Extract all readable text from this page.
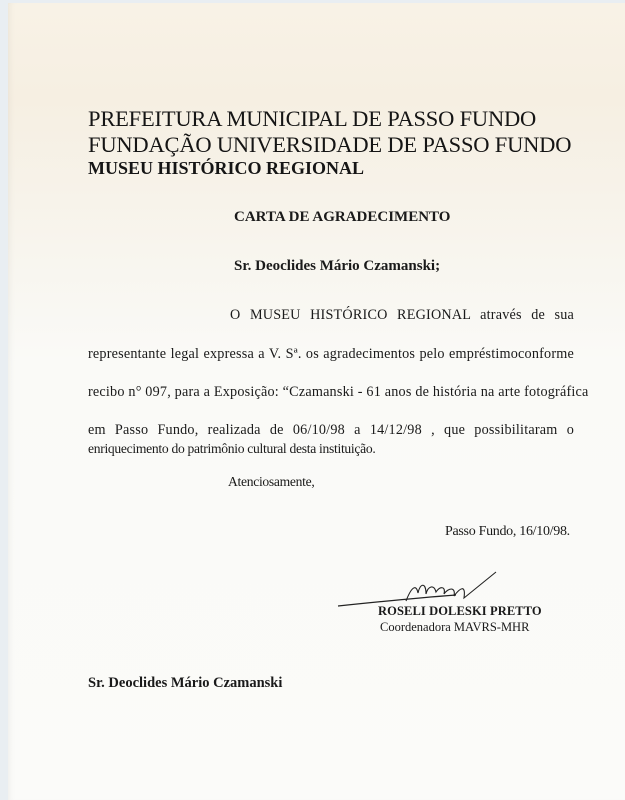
PREFEITURA MUNICIPAL DE PASSO FUNDO
FUNDAÇÃO UNIVERSIDADE DE PASSO FUNDO
MUSEU HISTÓRICO REGIONAL
CARTA DE AGRADECIMENTO
Sr. Deoclides Mário Czamanski;
O MUSEU HISTÓRICO REGIONAL através de sua
representante legal expressa a V. Sª. os agradecimentos pelo empréstimoconforme
recibo n° 097, para a Exposição: “Czamanski - 61 anos de história na arte fotográfica
em Passo Fundo, realizada de 06/10/98 a 14/12/98 , que possibilitaram o
enriquecimento do patrimônio cultural desta instituição.
Atenciosamente,
Passo Fundo, 16/10/98.
ROSELI DOLESKI PRETTO
Coordenadora MAVRS-MHR
Sr. Deoclides Mário Czamanski
